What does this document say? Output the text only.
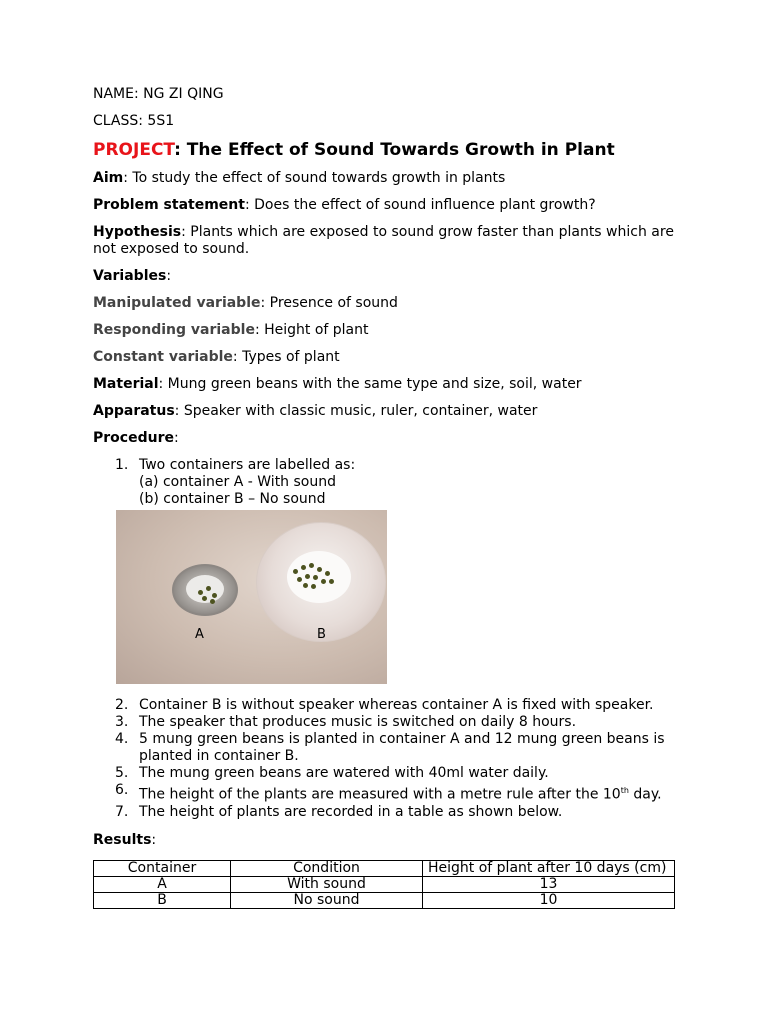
NAME: NG ZI QING

CLASS: 5S1

PROJECT: The Effect of Sound Towards Growth in Plant

Aim: To study the effect of sound towards growth in plants

Problem statement: Does the effect of sound influence plant growth?

Hypothesis: Plants which are exposed to sound grow faster than plants which are not exposed to sound.

Variables:

Manipulated variable: Presence of sound

Responding variable: Height of plant

Constant variable: Types of plant

Material: Mung green beans with the same type and size, soil, water

Apparatus: Speaker with classic music, ruler, container, water

Procedure:

1. Two containers are labelled as:
(a) container A - With sound
(b) container B – No sound
A	B
2. Container B is without speaker whereas container A is fixed with speaker.
3. The speaker that produces music is switched on daily 8 hours.
4. 5 mung green beans is planted in container A and 12 mung green beans is planted in container B.
5. The mung green beans are watered with 40ml water daily.
6. The height of the plants are measured with a metre rule after the 10th day.
7. The height of plants are recorded in a table as shown below.

Results:

Container	Condition	Height of plant after 10 days (cm)
A	With sound	13
B	No sound	10
